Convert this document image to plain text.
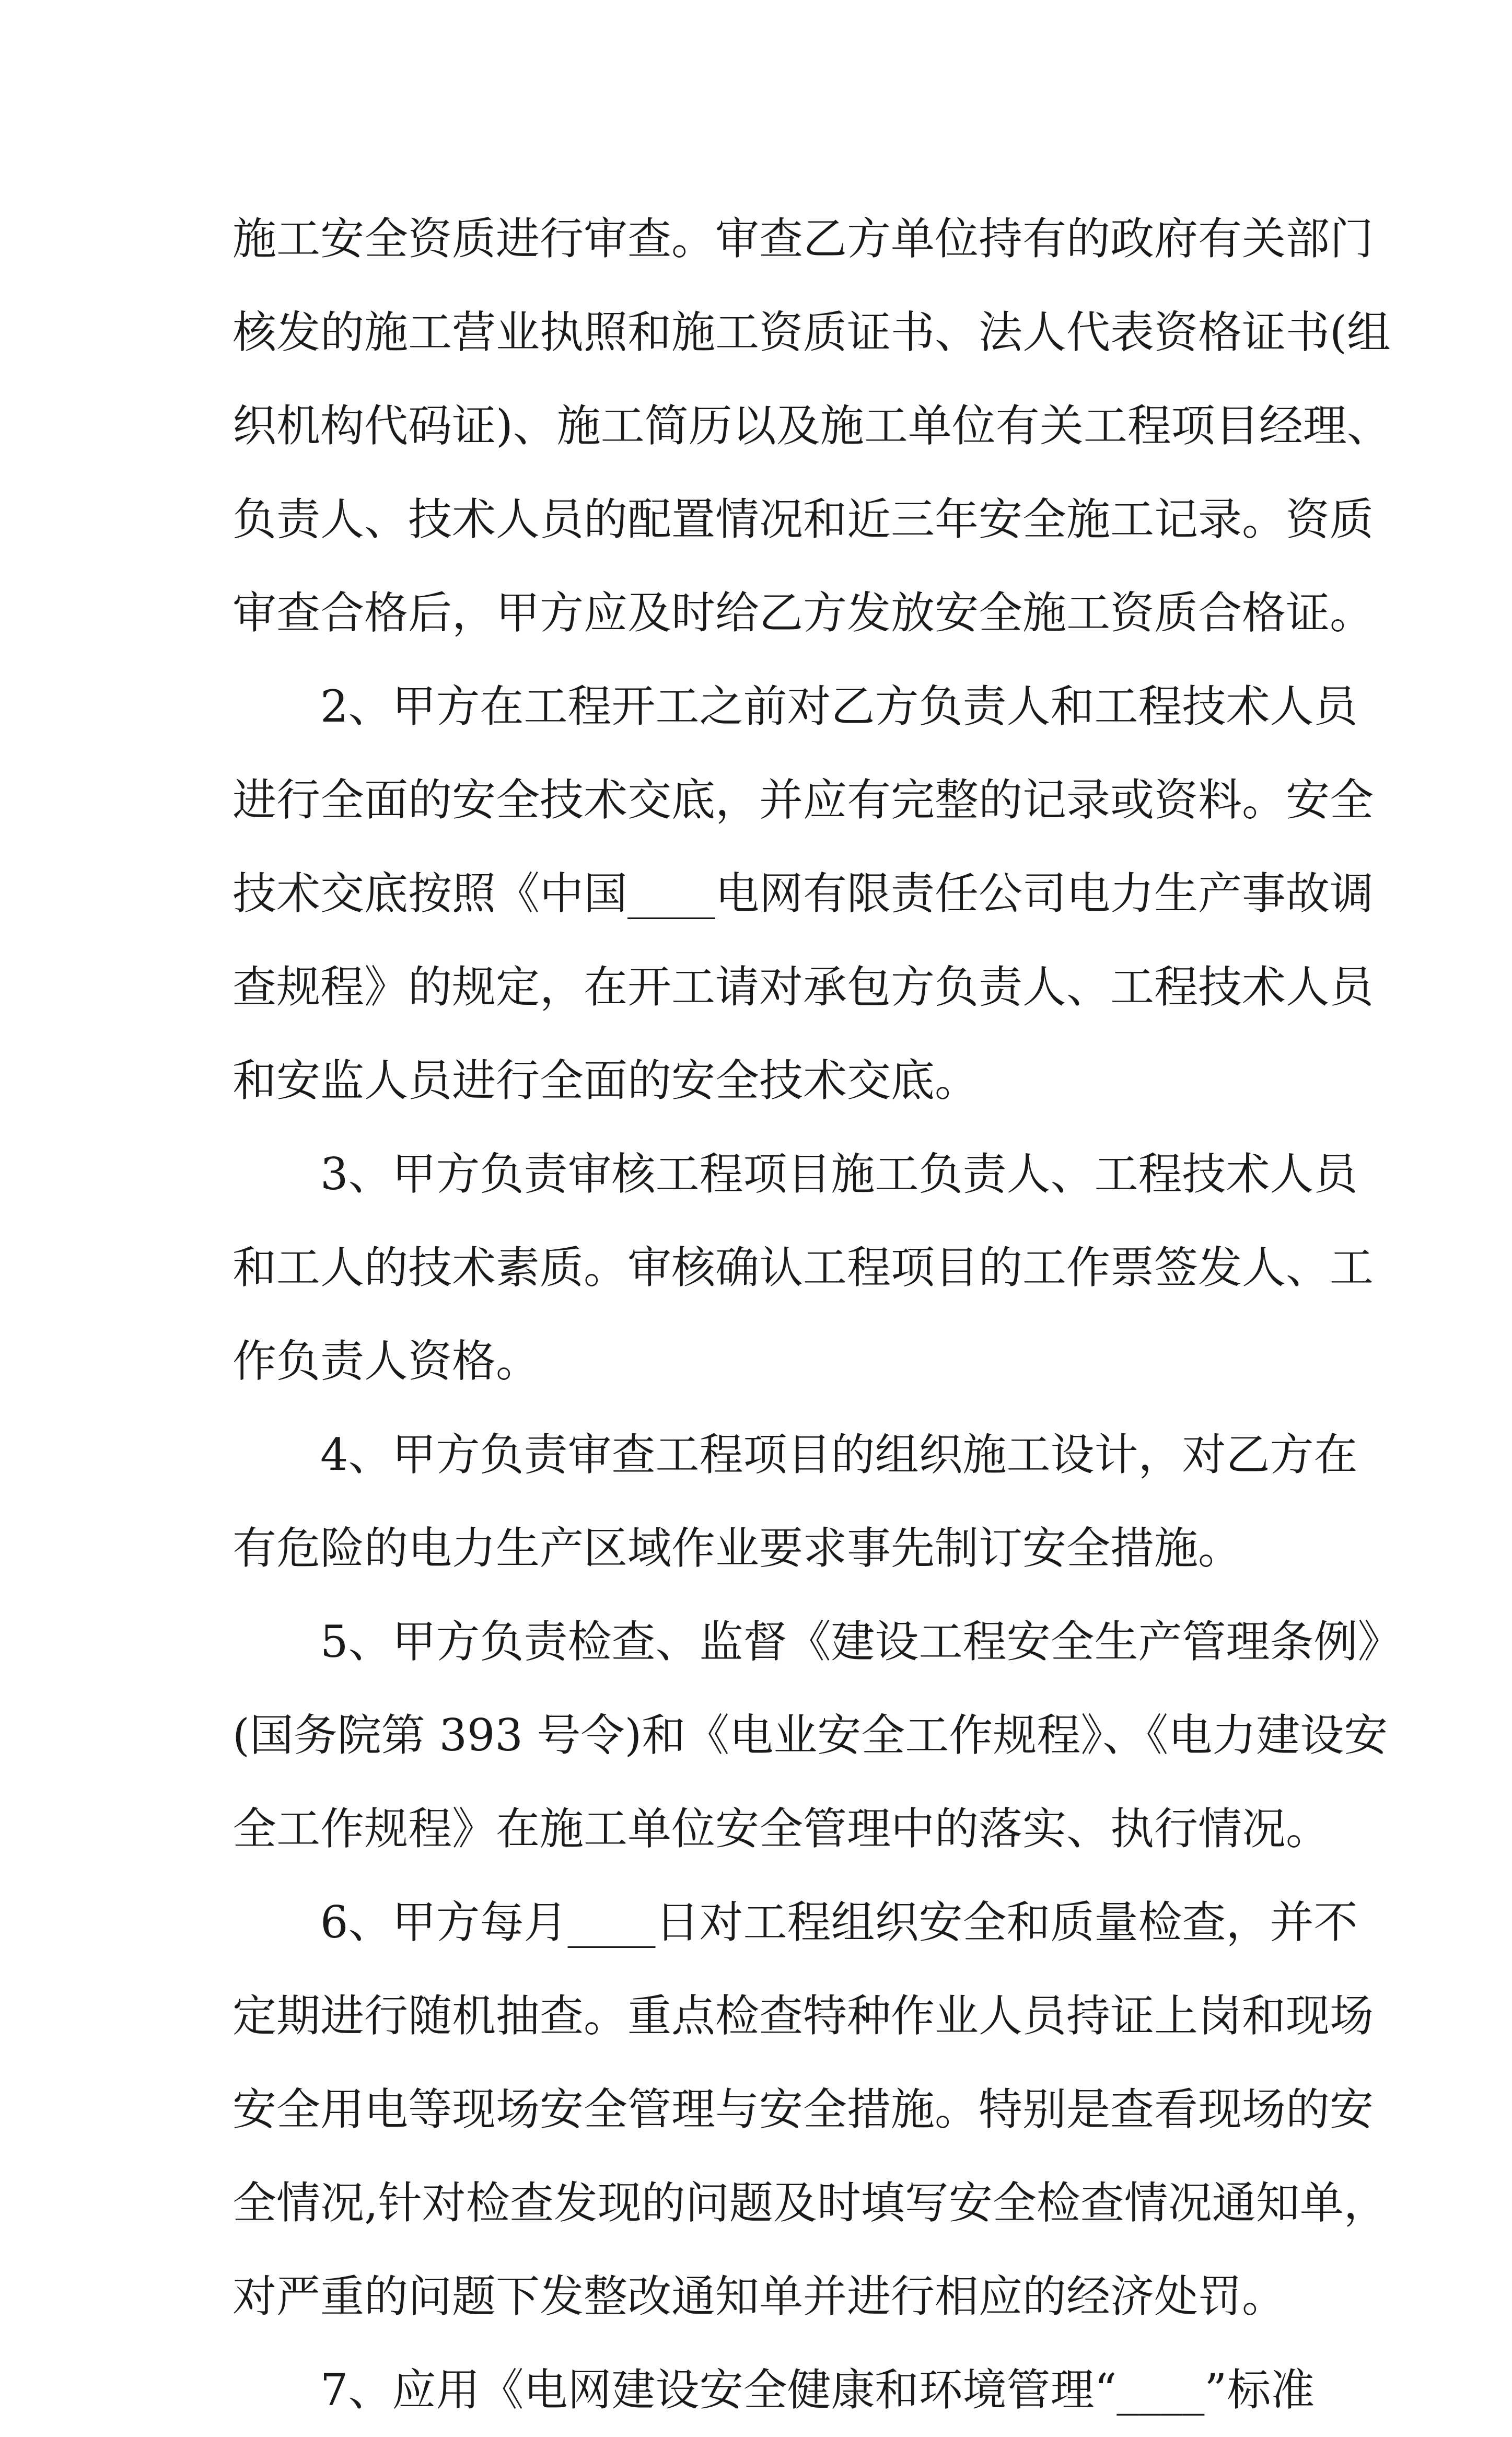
施工安全资质进行审查。审查乙方单位持有的政府有关部门
核发的施工营业执照和施工资质证书、法人代表资格证书(组
织机构代码证)、施工简历以及施工单位有关工程项目经理、
负责人、技术人员的配置情况和近三年安全施工记录。资质
审查合格后，甲方应及时给乙方发放安全施工资质合格证。
2、甲方在工程开工之前对乙方负责人和工程技术人员
进行全面的安全技术交底，并应有完整的记录或资料。安全
技术交底按照《中国____电网有限责任公司电力生产事故调
查规程》的规定，在开工请对承包方负责人、工程技术人员
和安监人员进行全面的安全技术交底。
3、甲方负责审核工程项目施工负责人、工程技术人员
和工人的技术素质。审核确认工程项目的工作票签发人、工
作负责人资格。
4、甲方负责审查工程项目的组织施工设计，对乙方在
有危险的电力生产区域作业要求事先制订安全措施。
5、甲方负责检查、监督《建设工程安全生产管理条例》
(国务院第 393 号令)和《电业安全工作规程》、《电力建设安
全工作规程》在施工单位安全管理中的落实、执行情况。
6、甲方每月____日对工程组织安全和质量检查，并不
定期进行随机抽查。重点检查特种作业人员持证上岗和现场
安全用电等现场安全管理与安全措施。特别是查看现场的安
全情况,针对检查发现的问题及时填写安全检查情况通知单，
对严重的问题下发整改通知单并进行相应的经济处罚。
7、应用《电网建设安全健康和环境管理“____”标准
